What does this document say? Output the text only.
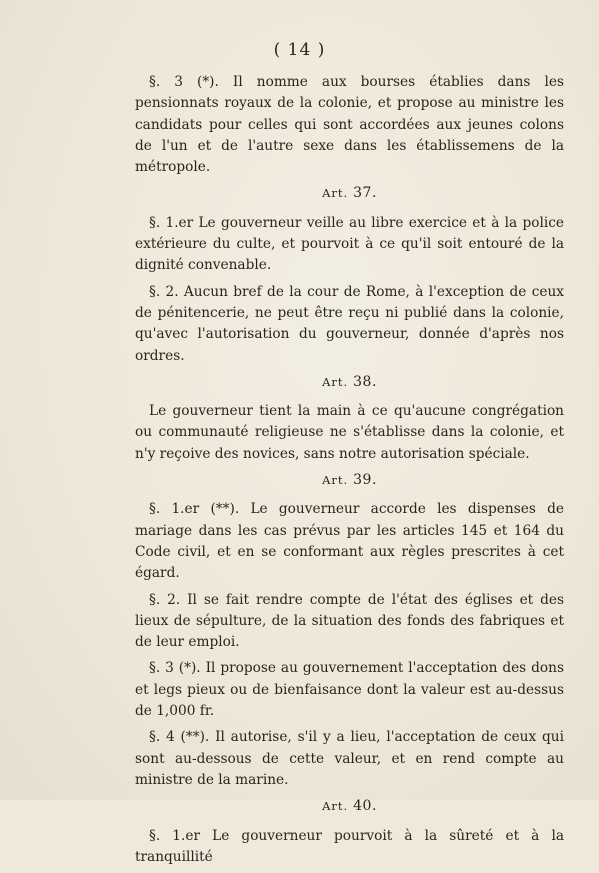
( 14 )

§. 3 (*). Il nomme aux bourses établies dans les pensionnats royaux de la colonie, et propose au ministre les candidats pour celles qui sont accordées aux jeunes colons de l'un et de l'autre sexe dans les établissemens de la métropole.

Art. 37.

§. 1.er Le gouverneur veille au libre exercice et à la police extérieure du culte, et pourvoit à ce qu'il soit entouré de la dignité convenable.

§. 2. Aucun bref de la cour de Rome, à l'exception de ceux de pénitencerie, ne peut être reçu ni publié dans la colonie, qu'avec l'autorisation du gouverneur, donnée d'après nos ordres.

Art. 38.

Le gouverneur tient la main à ce qu'aucune congrégation ou communauté religieuse ne s'établisse dans la colonie, et n'y reçoive des novices, sans notre autorisation spéciale.

Art. 39.

§. 1.er (**). Le gouverneur accorde les dispenses de mariage dans les cas prévus par les articles 145 et 164 du Code civil, et en se conformant aux règles prescrites à cet égard.

§. 2. Il se fait rendre compte de l'état des églises et des lieux de sépulture, de la situation des fonds des fabriques et de leur emploi.

§. 3 (*). Il propose au gouvernement l'acceptation des dons et legs pieux ou de bienfaisance dont la valeur est au-dessus de 1,000 fr.

§. 4 (**). Il autorise, s'il y a lieu, l'acceptation de ceux qui sont au-dessous de cette valeur, et en rend compte au ministre de la marine.

Art. 40.

§. 1.er Le gouverneur pourvoit à la sûreté et à la tranquillité
